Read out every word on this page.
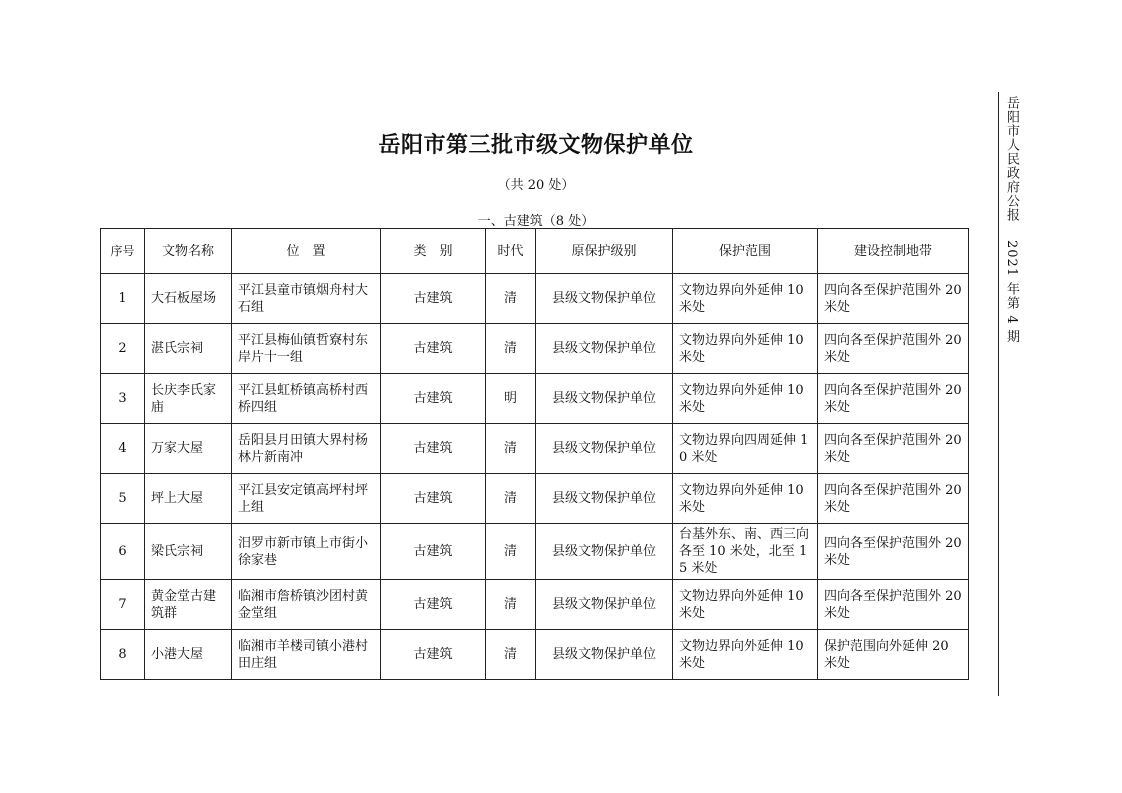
岳阳市第三批市级文物保护单位
（共 20 处）
一、古建筑（8 处）
序号	文物名称	位　置	类　别	时代	原保护级别	保护范围	建设控制地带
1	大石板屋场	平江县童市镇烟舟村大石组	古建筑	清	县级文物保护单位	文物边界向外延伸 10 米处	四向各至保护范围外 20 米处
2	湛氏宗祠	平江县梅仙镇哲寮村东岸片十一组	古建筑	清	县级文物保护单位	文物边界向外延伸 10 米处	四向各至保护范围外 20 米处
3	长庆李氏家庙	平江县虹桥镇高桥村西桥四组	古建筑	明	县级文物保护单位	文物边界向外延伸 10 米处	四向各至保护范围外 20 米处
4	万家大屋	岳阳县月田镇大界村杨林片新南冲	古建筑	清	县级文物保护单位	文物边界向四周延伸 10 米处	四向各至保护范围外 20 米处
5	坪上大屋	平江县安定镇高坪村坪上组	古建筑	清	县级文物保护单位	文物边界向外延伸 10 米处	四向各至保护范围外 20 米处
6	梁氏宗祠	汨罗市新市镇上市街小徐家巷	古建筑	清	县级文物保护单位	台基外东、南、西三向各至 10 米处，北至 15 米处	四向各至保护范围外 20 米处
7	黄金堂古建筑群	临湘市詹桥镇沙团村黄金堂组	古建筑	清	县级文物保护单位	文物边界向外延伸 10 米处	四向各至保护范围外 20 米处
8	小港大屋	临湘市羊楼司镇小港村田庄组	古建筑	清	县级文物保护单位	文物边界向外延伸 10 米处	保护范围向外延伸 20 米处
岳阳市人民政府公报2021 年第 4 期
